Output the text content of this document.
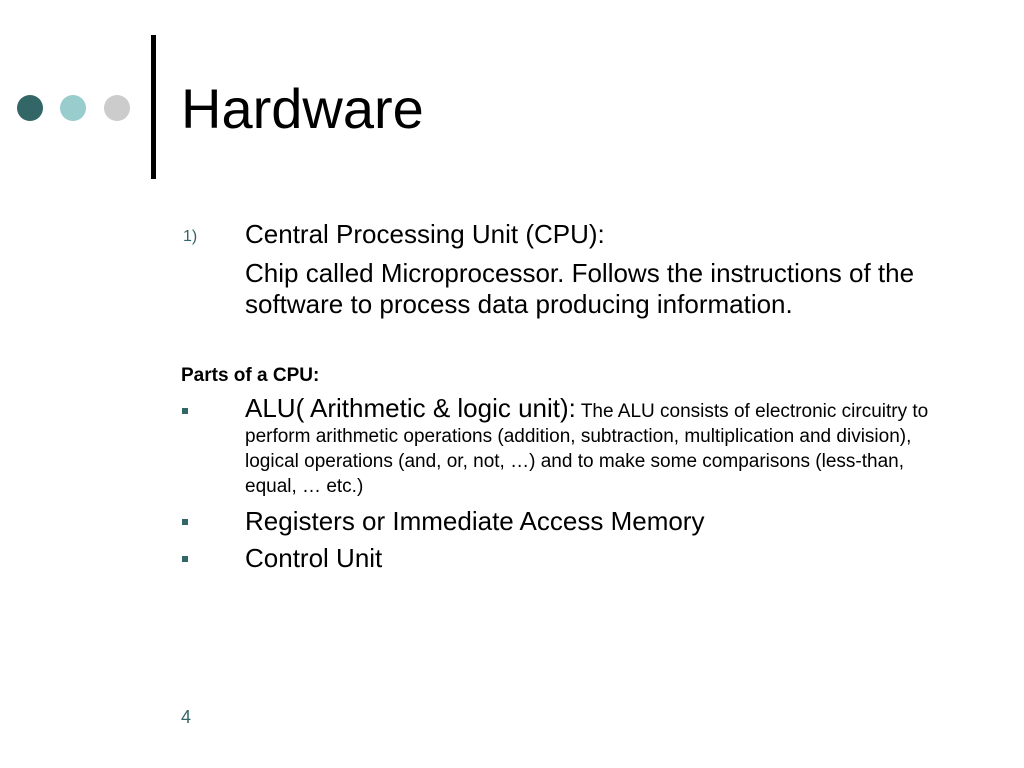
Hardware
1) Central Processing Unit (CPU):
Chip called Microprocessor. Follows the instructions of the software to process data producing information.
Parts of a CPU:
ALU( Arithmetic & logic unit): The ALU consists of electronic circuitry to perform arithmetic operations (addition, subtraction, multiplication and division), logical operations (and, or, not, …) and to make some comparisons (less-than, equal, … etc.)
Registers or Immediate Access Memory
Control Unit
4
